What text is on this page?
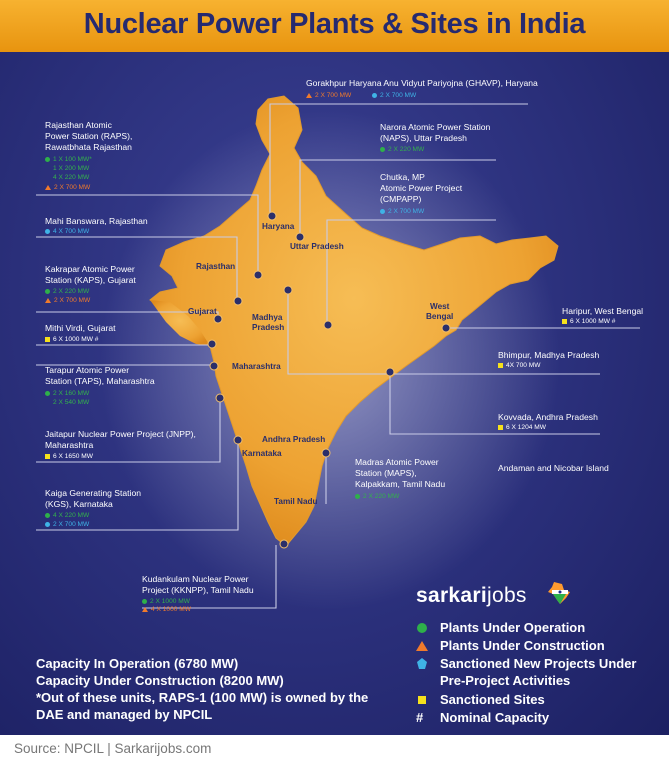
Nuclear Power Plants & Sites in India
Haryana
Uttar Pradesh
Rajasthan
Gujarat
Madhya
Pradesh
West
Bengal
Maharashtra
Andhra Pradesh
Karnataka
Tamil Nadu
Gorakhpur Haryana Anu Vidyut Pariyojna (GHAVP), Haryana
2 X 700 MW	2 X 700 MW
Rajasthan Atomic
Power Station (RAPS),
Rawatbhata Rajasthan
1 X 100 MW*
1 X 200 MW
4 X 220 MW
2 X 700 MW
Narora Atomic Power Station
(NAPS), Uttar Pradesh
2 X 220 MW
Chutka, MP
Atomic Power Project
(CMPAPP)
2 X 700 MW
Mahi Banswara, Rajasthan
4 X 700 MW
Kakrapar Atomic Power
Station (KAPS), Gujarat
2 X 220 MW
2 X 700 MW
Mithi Virdi, Gujarat
6 X 1000 MW #
Tarapur Atomic Power
Station (TAPS), Maharashtra
2 X 160 MW
2 X 540 MW
Jaitapur Nuclear Power Project (JNPP),
Maharashtra
6 X 1650 MW
Kaiga Generating Station
(KGS), Karnataka
4 X 220 MW
2 X 700 MW
Kudankulam Nuclear Power
Project (KKNPP), Tamil Nadu
2 X 1000 MW
4 X 1000 MW
Madras Atomic Power
Station (MAPS),
Kalpakkam, Tamil Nadu
2 X 220 MW
Haripur, West Bengal
6 X 1000 MW #
Bhimpur, Madhya Pradesh
4X 700 MW
Kovvada, Andhra Pradesh
6 X 1204 MW
Andaman and Nicobar Island
sarkarijobs
Plants Under Operation
Plants Under Construction
Sanctioned New Projects Under
Pre-Project Activities
Sanctioned Sites
# Nominal Capacity
Capacity In Operation (6780 MW)
Capacity Under Construction (8200 MW)
*Out of these units, RAPS-1 (100 MW) is owned by the
DAE and managed by NPCIL
Source: NPCIL | Sarkarijobs.com
